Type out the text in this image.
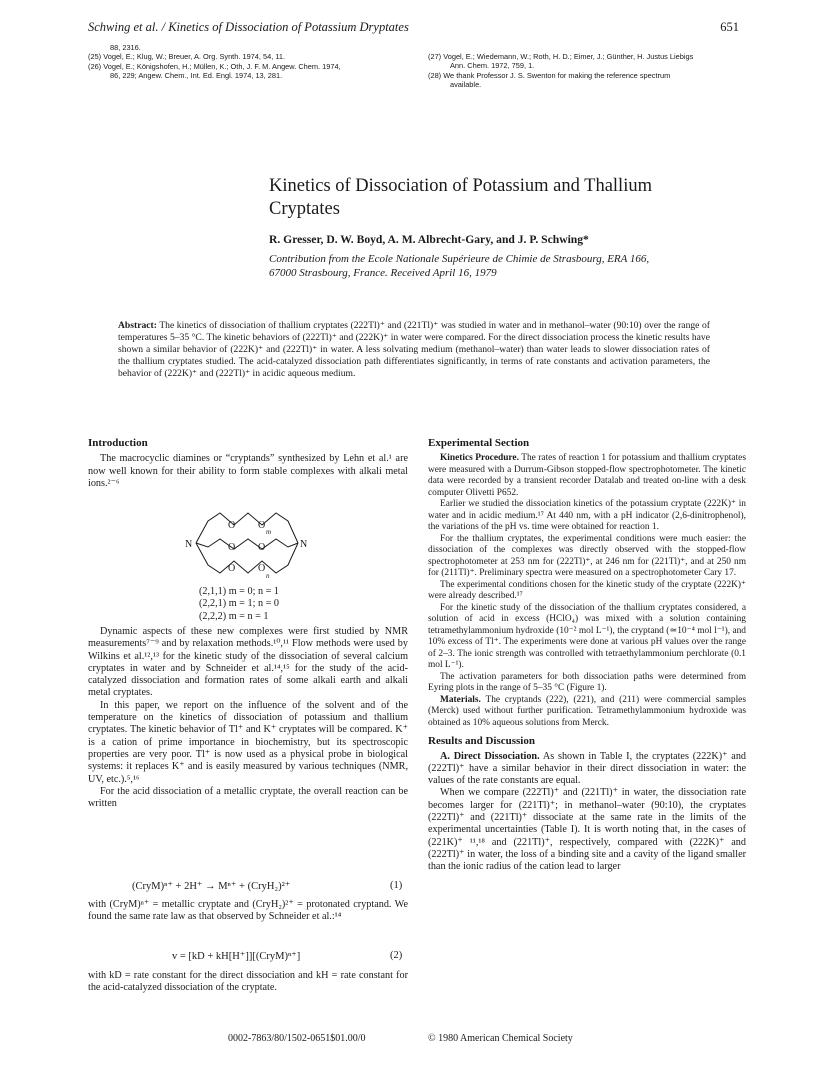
Schwing et al. / Kinetics of Dissociation of Potassium Dryptates	651

88, 2316.

(25) Vogel, E.; Klug, W.; Breuer, A. Org. Synth. 1974, 54, 11.

(26) Vogel, E.; Königshofen, H.; Müllen, K.; Oth, J. F. M. Angew. Chem. 1974,

86, 229; Angew. Chem., Int. Ed. Engl. 1974, 13, 281.

(27) Vogel, E.; Wiedemann, W.; Roth, H. D.; Eimer, J.; Günther, H. Justus Liebigs

Ann. Chem. 1972, 759, 1.

(28) We thank Professor J. S. Swenton for making the reference spectrum

available.

Kinetics of Dissociation of Potassium and Thallium Cryptates
R. Gresser, D. W. Boyd, A. M. Albrecht-Gary, and J. P. Schwing*
Contribution from the Ecole Nationale Supérieure de Chimie de Strasbourg, ERA 166,
67000 Strasbourg, France. Received April 16, 1979
Abstract: The kinetics of dissociation of thallium cryptates (222Tl)⁺ and (221Tl)⁺ was studied in water and in methanol–water (90:10) over the range of temperatures 5–35 °C. The kinetic behaviors of (222Tl)⁺ and (222K)⁺ in water were compared. For the direct dissociation process the kinetic results have shown a similar behavior of (222K)⁺ and (222Tl)⁺ in water. A less solvating medium (methanol–water) than water leads to slower dissociation rates of the thallium cryptates studied. The acid-catalyzed dissociation path differentiates significantly, in terms of rate constants and activation parameters, the behavior of (222K)⁺ and (222Tl)⁺ in acidic aqueous medium.
Introduction

The macrocyclic diamines or “cryptands” synthesized by Lehn et al.¹ are now well known for their ability to form stable complexes with alkali metal ions.²⁻⁶

N	N
O O
O O
O O
m
n
(2,1,1) m = 0; n = 1
(2,2,1) m = 1; n = 0
(2,2,2) m = n = 1

Dynamic aspects of these new complexes were first studied by NMR measurements⁷⁻⁹ and by relaxation methods.¹⁰,¹¹ Flow methods were used by Wilkins et al.¹²,¹³ for the kinetic study of the dissociation of several calcium cryptates in water and by Schneider et al.¹⁴,¹⁵ for the study of the acid-catalyzed dissociation and formation rates of some alkali earth and alkali metal cryptates.

In this paper, we report on the influence of the solvent and of the temperature on the kinetics of dissociation of potassium and thallium cryptates. The kinetic behavior of Tl⁺ and K⁺ cryptates will be compared. K⁺ is a cation of prime importance in biochemistry, but its spectroscopic properties are very poor. Tl⁺ is now used as a physical probe in biological systems: it replaces K⁺ and is easily measured by various techniques (NMR, UV, etc.).⁵,¹⁶

For the acid dissociation of a metallic cryptate, the overall reaction can be written

(CryM)ⁿ⁺ + 2H⁺ → Mⁿ⁺ + (CryH₂)²⁺	(1)

with (CryM)ⁿ⁺ = metallic cryptate and (CryH₂)²⁺ = protonated cryptand. We found the same rate law as that observed by Schneider et al.:¹⁴

v = [kD + kH[H⁺]][(CryM)ⁿ⁺]	(2)

with kD = rate constant for the direct dissociation and kH = rate constant for the acid-catalyzed dissociation of the cryptate.

Experimental Section

Kinetics Procedure. The rates of reaction 1 for potassium and thallium cryptates were measured with a Durrum-Gibson stopped-flow spectrophotometer. The kinetic data were recorded by a transient recorder Datalab and treated on-line with a desk computer Olivetti P652.

Earlier we studied the dissociation kinetics of the potassium cryptate (222K)⁺ in water and in acidic medium.¹⁷ At 440 nm, with a pH indicator (2,6-dinitrophenol), the variations of the pH vs. time were obtained for reaction 1.

For the thallium cryptates, the experimental conditions were much easier: the dissociation of the complexes was directly observed with the stopped-flow spectrophotometer at 253 nm for (222Tl)⁺, at 246 nm for (221Tl)⁺, and at 250 nm for (211Tl)⁺. Preliminary spectra were measured on a spectrophotometer Cary 17.

The experimental conditions chosen for the kinetic study of the cryptate (222K)⁺ were already described.¹⁷

For the kinetic study of the dissociation of the thallium cryptates considered, a solution of acid in excess (HClO₄) was mixed with a solution containing tetramethylammonium hydroxide (10⁻² mol L⁻¹), the cryptand (≃10⁻⁴ mol l⁻¹), and 10% excess of Tl⁺. The experiments were done at various pH values over the range of 2–3. The ionic strength was controlled with tetraethylammonium perchlorate (0.1 mol L⁻¹).

The activation parameters for both dissociation paths were determined from Eyring plots in the range of 5–35 °C (Figure 1).

Materials. The cryptands (222), (221), and (211) were commercial samples (Merck) used without further purification. Tetramethylammonium hydroxide was obtained as 10% aqueous solutions from Merck.

Results and Discussion

A. Direct Dissociation. As shown in Table I, the cryptates (222K)⁺ and (222Tl)⁺ have a similar behavior in their direct dissociation in water: the values of the rate constants are equal.

When we compare (222Tl)⁺ and (221Tl)⁺ in water, the dissociation rate becomes larger for (221Tl)⁺; in methanol–water (90:10), the cryptates (222Tl)⁺ and (221Tl)⁺ dissociate at the same rate in the limits of the experimental uncertainties (Table I). It is worth noting that, in the cases of (221K)⁺ ¹¹,¹⁸ and (221Tl)⁺, respectively, compared with (222K)⁺ and (222Tl)⁺ in water, the loss of a binding site and a cavity of the ligand smaller than the ionic radius of the cation lead to larger

0002-7863/80/1502-0651$01.00/0	© 1980 American Chemical Society
